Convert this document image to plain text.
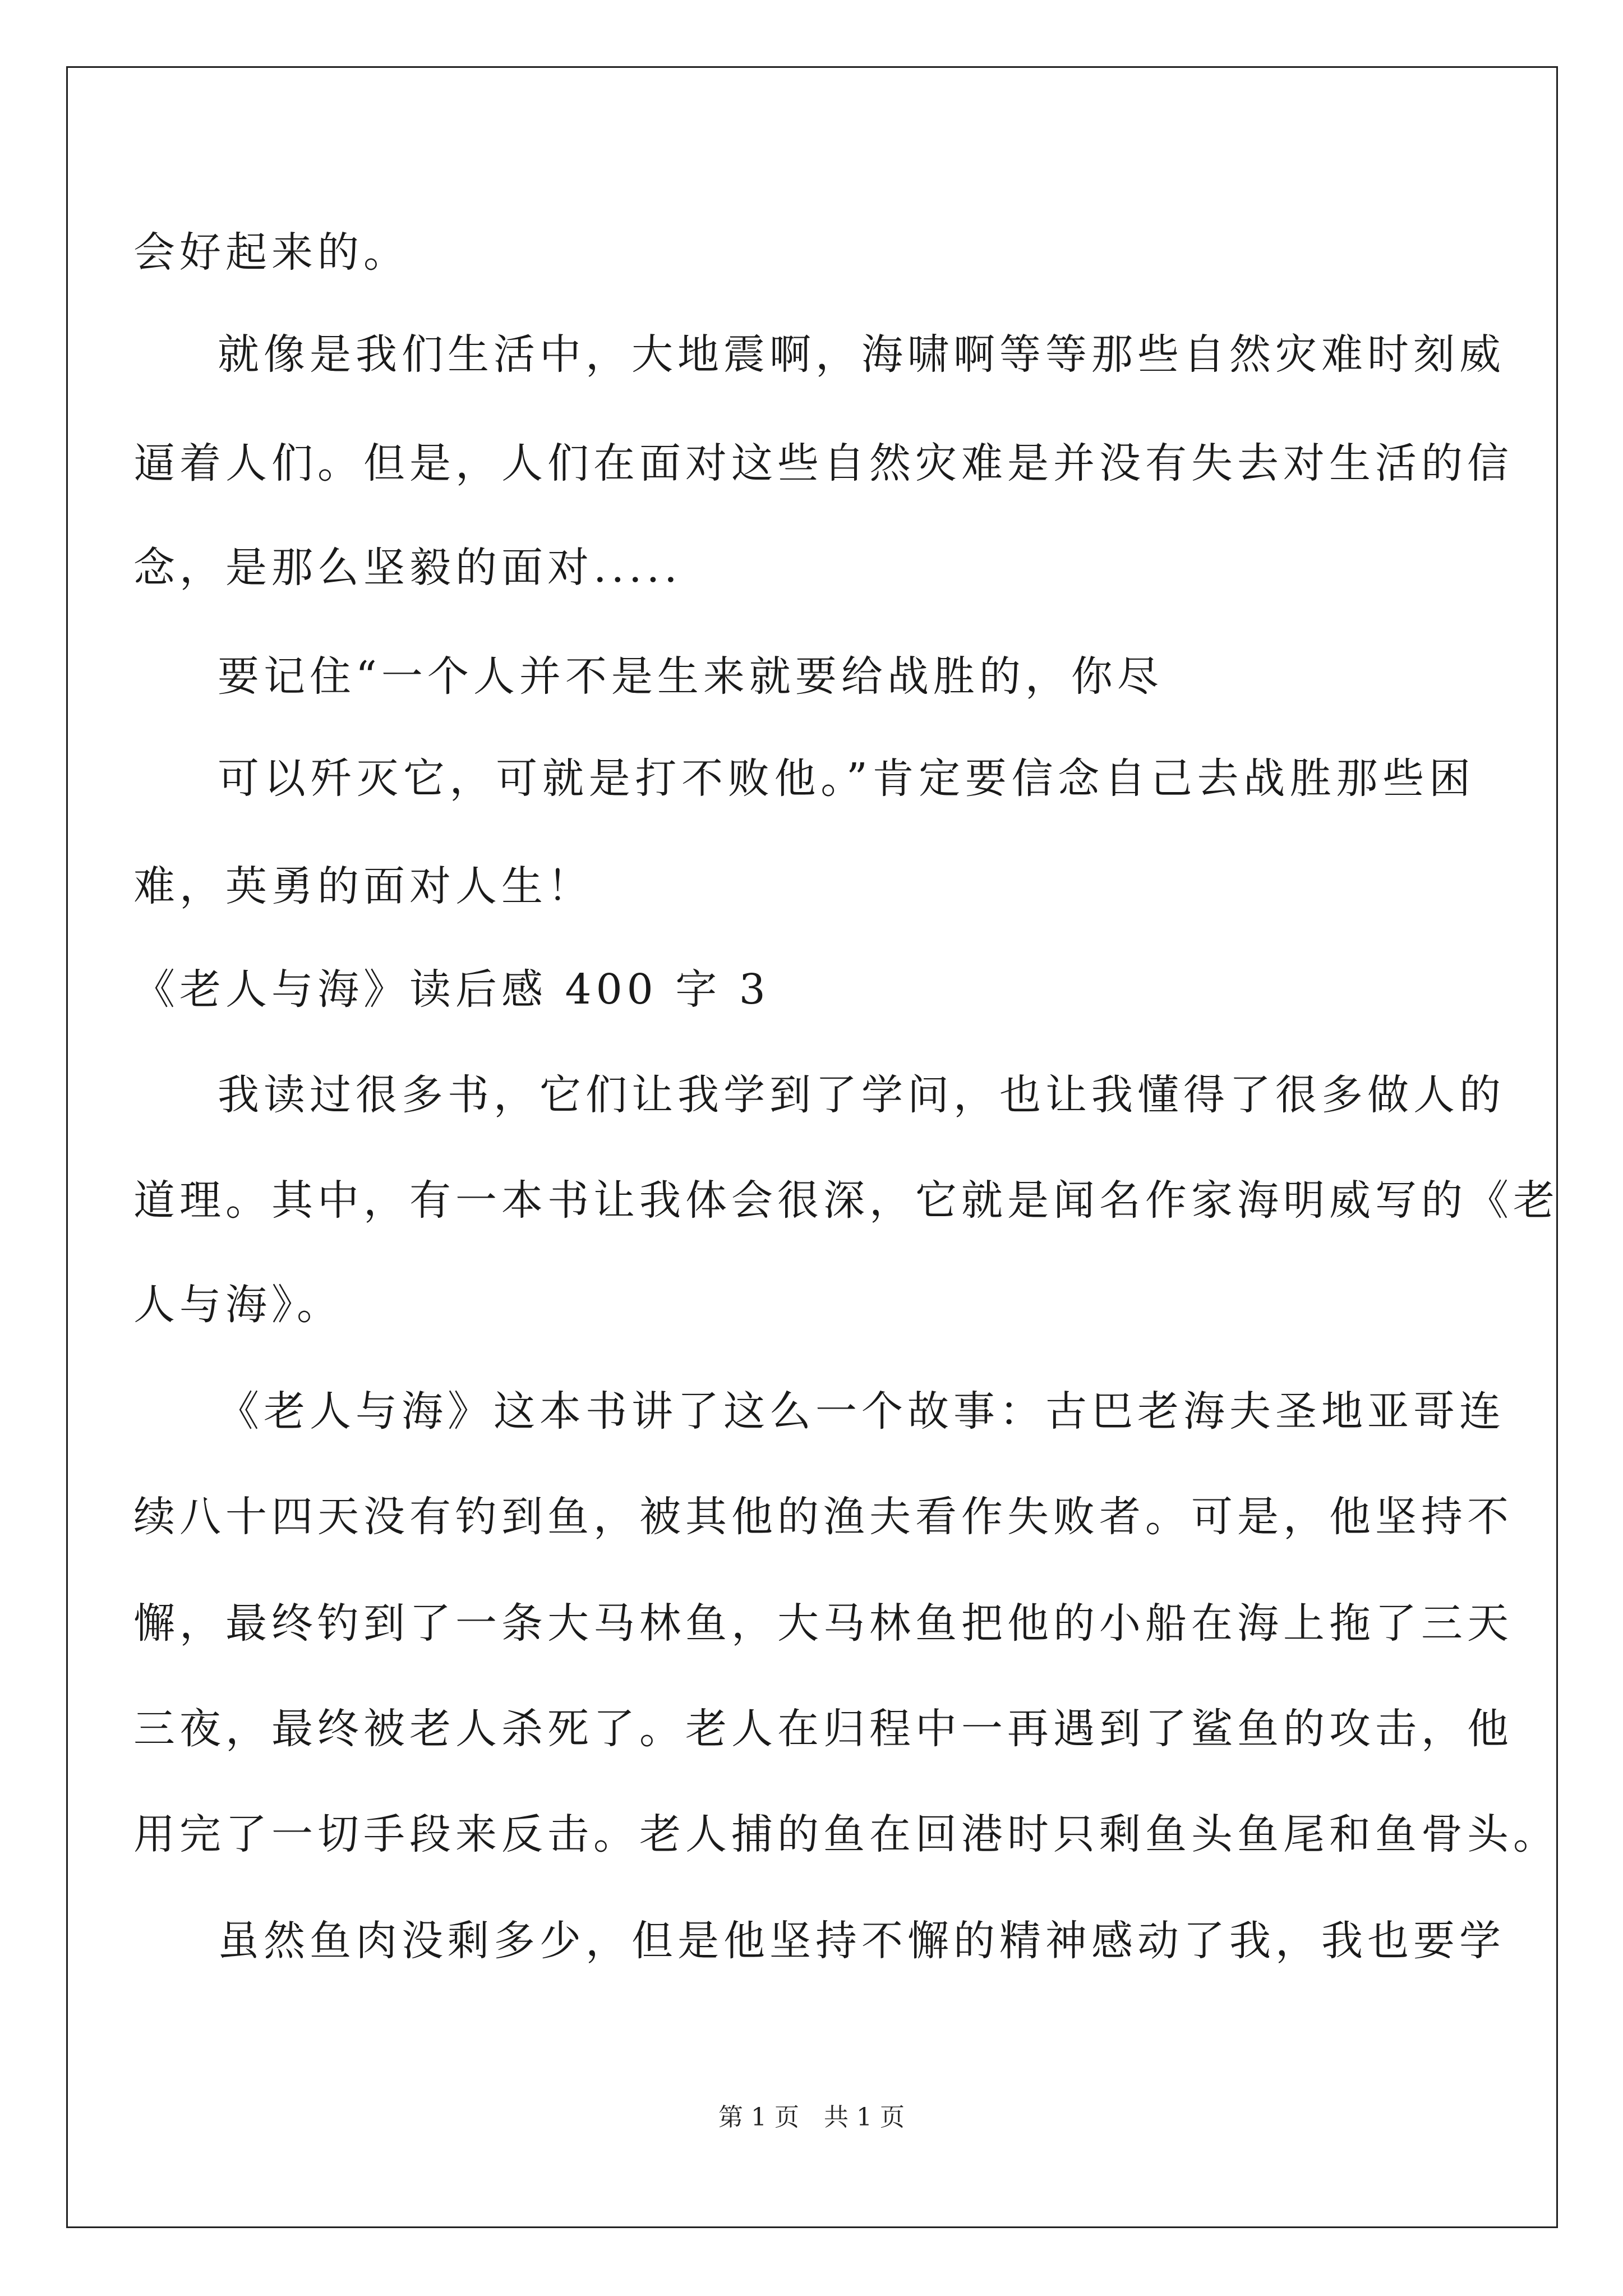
会好起来的。
就像是我们生活中，大地震啊，海啸啊等等那些自然灾难时刻威
逼着人们。但是，人们在面对这些自然灾难是并没有失去对生活的信
念，是那么坚毅的面对.....
要记住“一个人并不是生来就要给战胜的，你尽
可以歼灭它，可就是打不败他。”肯定要信念自己去战胜那些困
难，英勇的面对人生！
《老人与海》读后感 400 字 3
我读过很多书，它们让我学到了学问，也让我懂得了很多做人的
道理。其中，有一本书让我体会很深，它就是闻名作家海明威写的《老
人与海》。
《老人与海》这本书讲了这么一个故事：古巴老海夫圣地亚哥连
续八十四天没有钓到鱼，被其他的渔夫看作失败者。可是，他坚持不
懈，最终钓到了一条大马林鱼，大马林鱼把他的小船在海上拖了三天
三夜，最终被老人杀死了。老人在归程中一再遇到了鲨鱼的攻击，他
用完了一切手段来反击。老人捕的鱼在回港时只剩鱼头鱼尾和鱼骨头。
虽然鱼肉没剩多少，但是他坚持不懈的精神感动了我，我也要学
第 1 页　共 1 页
